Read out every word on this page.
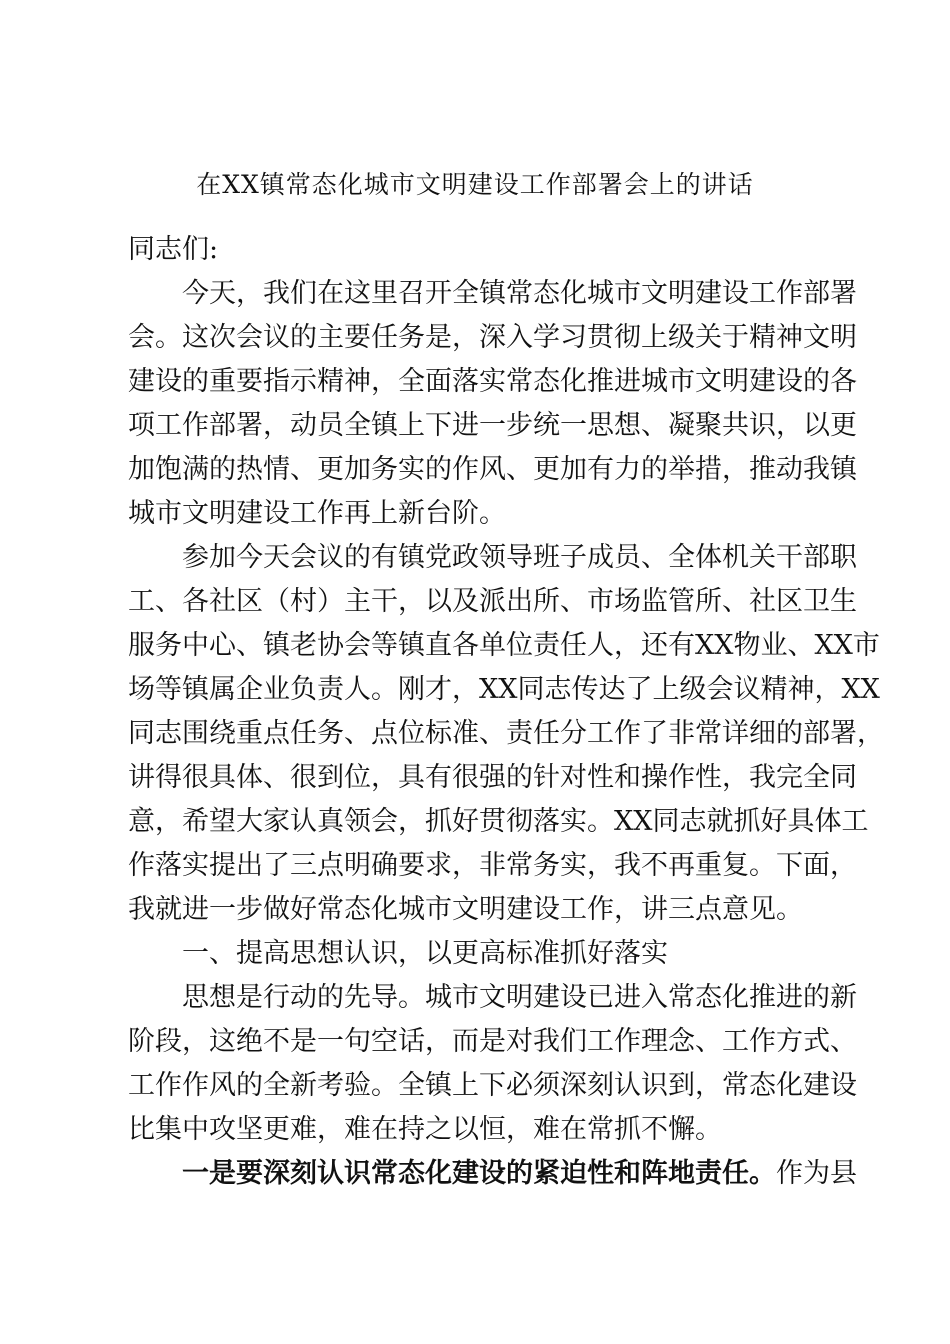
在XX镇常态化城市文明建设工作部署会上的讲话
同志们:
今天，我们在这里召开全镇常态化城市文明建设工作部署
会。这次会议的主要任务是，深入学习贯彻上级关于精神文明
建设的重要指示精神，全面落实常态化推进城市文明建设的各
项工作部署，动员全镇上下进一步统一思想、凝聚共识，以更
加饱满的热情、更加务实的作风、更加有力的举措，推动我镇
城市文明建设工作再上新台阶。
参加今天会议的有镇党政领导班子成员、全体机关干部职
工、各社区（村）主干，以及派出所、市场监管所、社区卫生
服务中心、镇老协会等镇直各单位责任人，还有XX物业、XX市
场等镇属企业负责人。刚才，XX同志传达了上级会议精神，XX
同志围绕重点任务、点位标准、责任分工作了非常详细的部署，
讲得很具体、很到位，具有很强的针对性和操作性，我完全同
意，希望大家认真领会，抓好贯彻落实。XX同志就抓好具体工
作落实提出了三点明确要求，非常务实，我不再重复。下面，
我就进一步做好常态化城市文明建设工作，讲三点意见。
一、提高思想认识，以更高标准抓好落实
思想是行动的先导。城市文明建设已进入常态化推进的新
阶段，这绝不是一句空话，而是对我们工作理念、工作方式、
工作作风的全新考验。全镇上下必须深刻认识到，常态化建设
比集中攻坚更难，难在持之以恒，难在常抓不懈。
一是要深刻认识常态化建设的紧迫性和阵地责任。作为县
